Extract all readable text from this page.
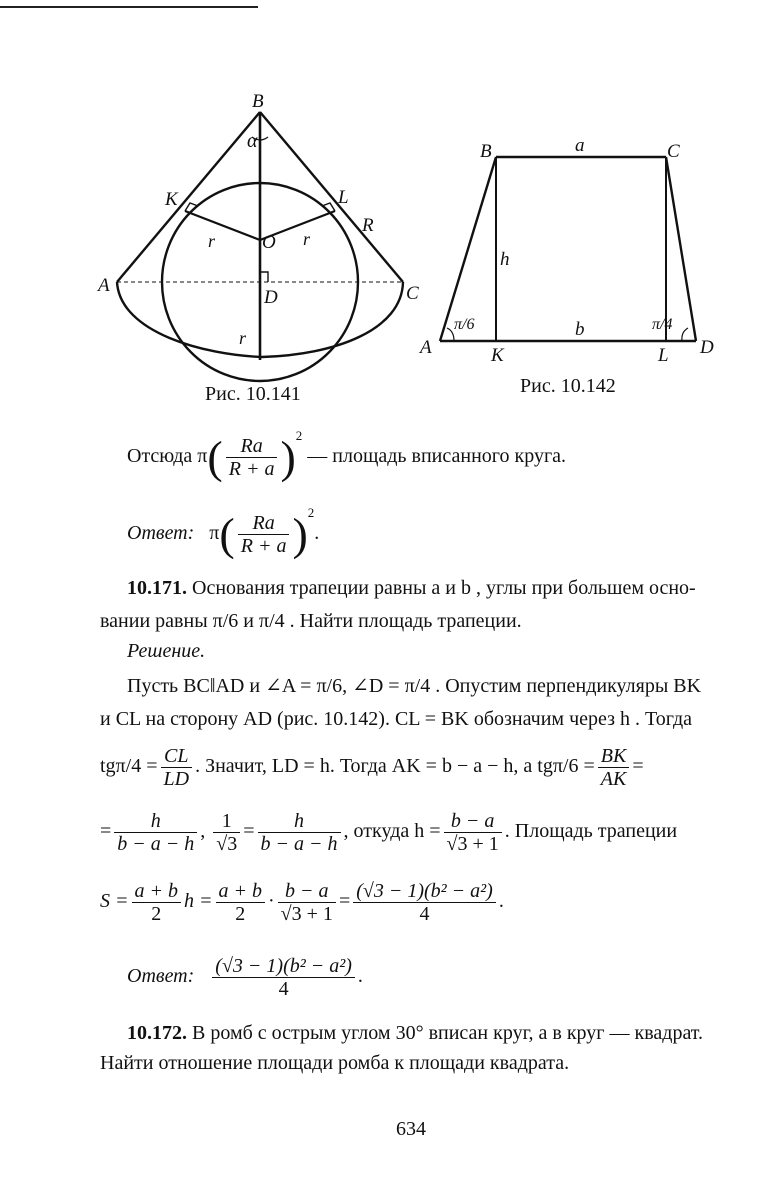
B
α
K	L
R
O
r	r
A
D	C
r
Рис. 10.141
B	a	C
h
π/6	b	π/4
A	K	L D
Рис. 10.142
Отсюда $\pi( \frac{Ra}{R + a} )^2$ — площадь вписанного круга.
Ответ: $\pi( \frac{Ra}{R + a} )^2$.
10.171. Основания трапеции равны a и b , углы при большем осно-
вании равны π/6 и π/4 . Найти площадь трапеции.
Решение.
Пусть BC‖AD и ∠A = π/6, ∠D = π/4 . Опустим перпендикуляры BK
и CL на сторону AD (рис. 10.142). CL = BK обозначим через h . Тогда
$tg\pi/4 = \frac{CL}{LD}$ . Значит, LD = h. Тогда AK = b − a − h, а $tg\pi/6 = \frac{BK}{AK}$ =
= $\frac{h}{b - a - h}$ , $\frac{1}{√3} = \frac{h}{b - a - h}$ , откуда $h = \frac{b - a}{√3 + 1}$ . Площадь трапеции
$S = \frac{a + b}{2}$ $h = \frac{a + b}{2} \cdot \frac{b - a}{√3 + 1} = \frac{\text{(√3 − 1)(b² − a²)}}{4}$ .
Ответ: $\frac{\text{(√3 − 1)(b² − a²)}}{4}$ .
10.172. В ромб с острым углом 30° вписан круг, а в круг — квадрат.
Найти отношение площади ромба к площади квадрата.
634
